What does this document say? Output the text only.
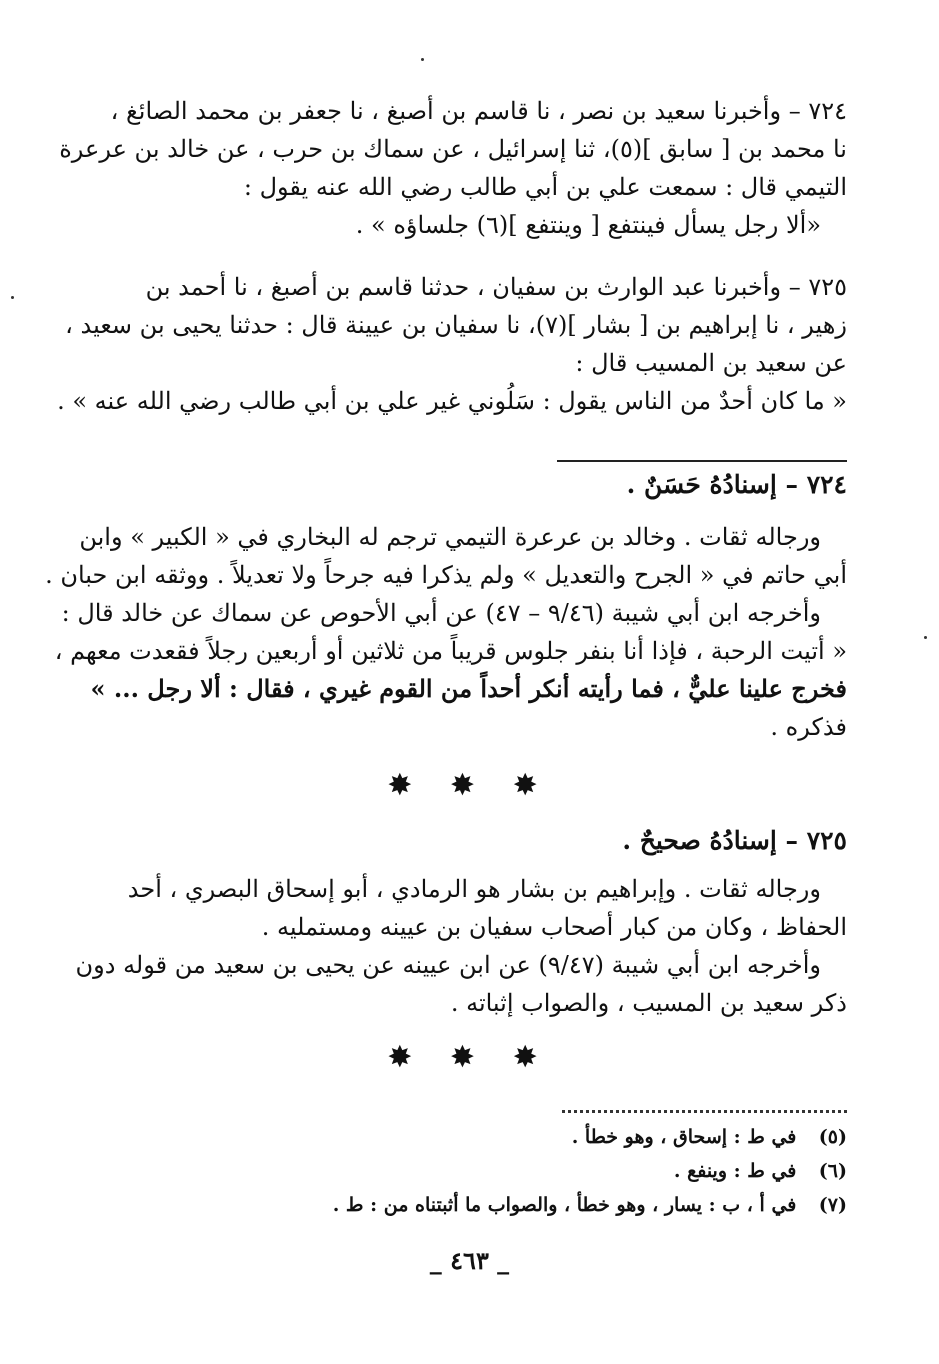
٧٢٤ – وأخبرنا سعيد بن نصر ، نا قاسم بن أصبغ ، نا جعفر بن محمد الصائغ ،
نا محمد بن [ سابق ](٥)، ثنا إسرائيل ، عن سماك بن حرب ، عن خالد بن عرعرة
التيمي قال : سمعت علي بن أبي طالب رضي الله عنه يقول :
«ألا رجل يسأل فينتفع [ وينتفع ](٦) جلساؤه » .
٧٢٥ – وأخبرنا عبد الوارث بن سفيان ، حدثنا قاسم بن أصبغ ، نا أحمد بن
زهير ، نا إبراهيم بن [ بشار ](٧)، نا سفيان بن عيينة قال : حدثنا يحيى بن سعيد ،
عن سعيد بن المسيب قال :
« ما كان أحدٌ من الناس يقول : سَلُوني غير علي بن أبي طالب رضي الله عنه » .
٧٢٤ – إسنادُهُ حَسَنٌ .
ورجاله ثقات . وخالد بن عرعرة التيمي ترجم له البخاري في « الكبير » وابن
أبي حاتم في « الجرح والتعديل » ولم يذكرا فيه جرحاً ولا تعديلاً . ووثقه ابن حبان .
وأخرجه ابن أبي شيبة (٩/٤٦ – ٤٧) عن أبي الأحوص عن سماك عن خالد قال :
« أتيت الرحبة ، فإذا أنا بنفر جلوس قريباً من ثلاثين أو أربعين رجلاً فقعدت معهم ،
فخرج علينا عليٌّ ، فما رأيته أنكر أحداً من القوم غيري ، فقال : ألا رجل ... »
فذكره .
✸ ✸ ✸
٧٢٥ – إسنادُهُ صحيحٌ .
ورجاله ثقات . وإبراهيم بن بشار هو الرمادي ، أبو إسحاق البصري ، أحد
الحفاظ ، وكان من كبار أصحاب سفيان بن عيينه ومستمليه .
وأخرجه ابن أبي شيبة (٩/٤٧) عن ابن عيينه عن يحيى بن سعيد من قوله دون
ذكر سعيد بن المسيب ، والصواب إثباته .
✸ ✸ ✸
(٥) في ط : إسحاق ، وهو خطأ .
(٦) في ط : وينفع .
(٧) في أ ، ب : يسار ، وهو خطأ ، والصواب ما أثبتناه من : ط .
_ ٤٦٣ _
